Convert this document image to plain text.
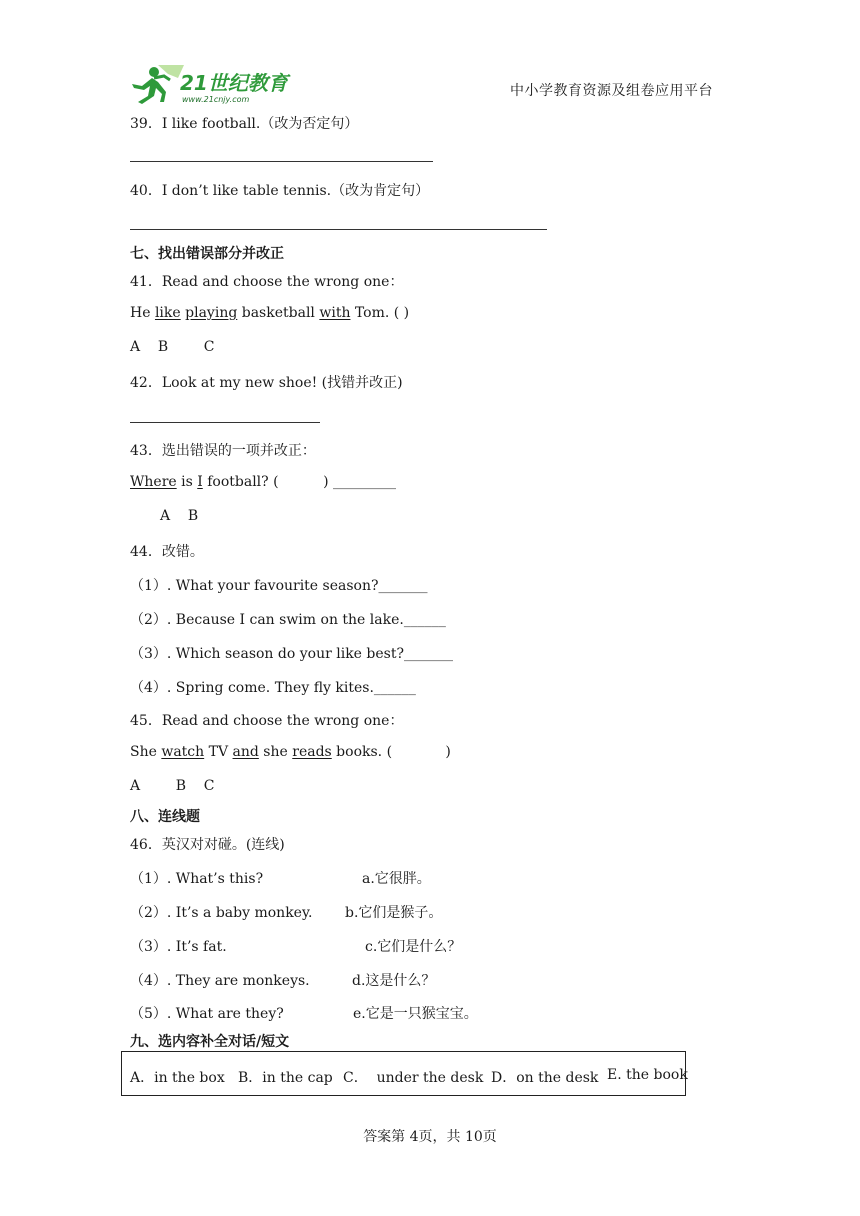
21世纪教育
www.21cnjy.com
中小学教育资源及组卷应用平台
39．I like football.（改为否定句）
40．I don’t like table tennis.（改为肯定句）
七、找出错误部分并改正
41．Read and choose the wrong one：
He like playing basketball with Tom. ( )
A    B        C
42．Look at my new shoe! (找错并改正)
43．选出错误的一项并改正：
Where is I football? (          ) _________
A    B
44．改错。
（1）. What your favourite season?_______
（2）. Because I can swim on the lake.______
（3）. Which season do your like best?_______
（4）. Spring come. They fly kites.______
45．Read and choose the wrong one：
She watch TV and she reads books. (            )
A        B    C
八、连线题
46．英汉对对碰。(连线)
（1）. What’s this?	a.它很胖。
（2）. It’s a baby monkey. b.它们是猴子。
（3）. It’s fat.	c.它们是什么？
（4）. They are monkeys.	d.这是什么？
（5）. What are they?	e.它是一只猴宝宝。
九、选内容补全对话/短文
A．in the box B．in the cap C．  under the desk D．on the desk E. the book
答案第 4页，共 10页
